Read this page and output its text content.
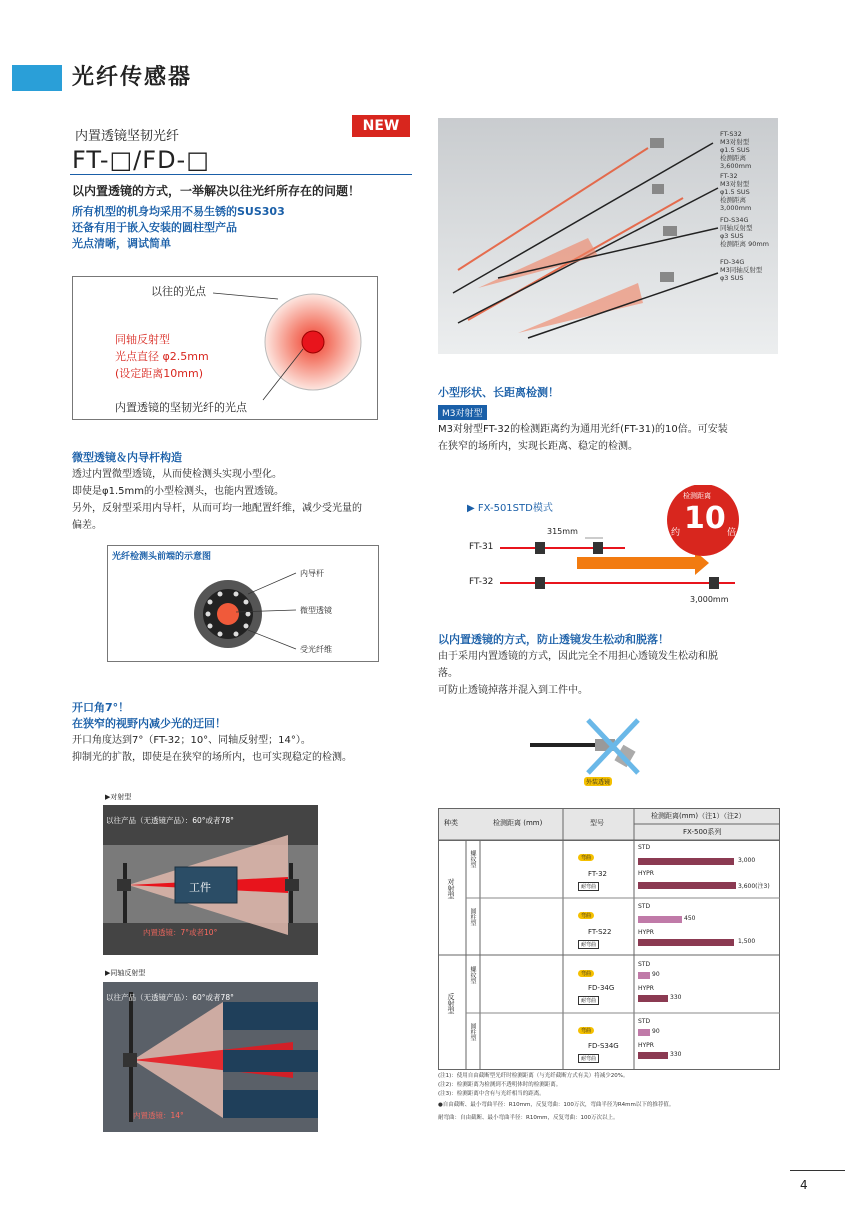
光纤传感器
内置透镜坚韧光纤
NEW
FT-□/FD-□

以内置透镜的方式，一举解决以往光纤所存在的问题！

所有机型的机身均采用不易生锈的SUS303

还备有用于嵌入安装的圆柱型产品

光点清晰，调试简单

以往的光点
同轴反射型
光点直径 φ2.5mm
(设定距离10mm)
内置透镜的坚韧光纤的光点

微型透镜＆内导杆构造

透过内置微型透镜，从而使检测头实现小型化。

即使是φ1.5mm的小型检测头，也能内置透镜。

另外，反射型采用内导杆，从而可均一地配置纤维，减少受光量的

偏差。

光纤检测头前端的示意图
内导杆
微型透镜
受光纤维

开口角7°！

在狭窄的视野内减少光的迂回！

开口角度达到7°（FT-32；10°、同轴反射型；14°）。

抑制光的扩散，即使是在狭窄的场所内，也可实现稳定的检测。

▶对射型
以往产品（无透镜产品）：60°或者78°
工件
内置透镜：7°或者10°
▶同轴反射型
以往产品（无透镜产品）：60°或者78°
内置透镜：14°
FT-S32
M3对射型
φ1.5 SUS
检测距离 3,600mm
FT-32
M3对射型
φ1.5 SUS
检测距离 3,000mm
FD-S34G
同轴反射型
φ3 SUS
检测距离 90mm
FD-34G
M3同轴反射型
φ3 SUS

小型形状、长距离检测！

M3对射型

M3对射型FT-32的检测距离约为通用光纤(FT-31)的10倍。可安装

在狭窄的场所内，实现长距离、稳定的检测。

▶ FX-501STD模式
FT-31
FT-32
315mm
3,000mm
检测距离
约 10 倍

以内置透镜的方式，防止透镜发生松动和脱落！

由于采用内置透镜的方式，因此完全不用担心透镜发生松动和脱

落。

可防止透镜掉落并混入到工件中。

外装透镜
种类	检测距离 (mm)	型号
检测距离(mm)（注1）（注2）
FX-500系列
对射型
反射型
螺纹型
FT-32
STD
HYPR
3,000
3,600(注3)
圆柱型
FT-S22
STD
HYPR
450
1,500
螺纹型
FD-34G
STD
HYPR
90
330
圆柱型
FD-S34G
STD
HYPR
90
330
弯曲
耐弯曲
弯曲
耐弯曲
弯曲
耐弯曲
弯曲
耐弯曲
(注1)：使用自由截断型光纤时检测距离（与光纤截断方式有关）将减少20%。
(注2)：检测距离为检测到不透明体时的检测距离。
(注3)：检测距离中含有与光纤相当的距离。
●自由截断、最小弯曲半径：R10mm，反复弯曲：100万次，弯曲半径为R4mm以下的推荐值。
耐弯曲：自由截断、最小弯曲半径：R10mm，反复弯曲：100万次以上。
4
